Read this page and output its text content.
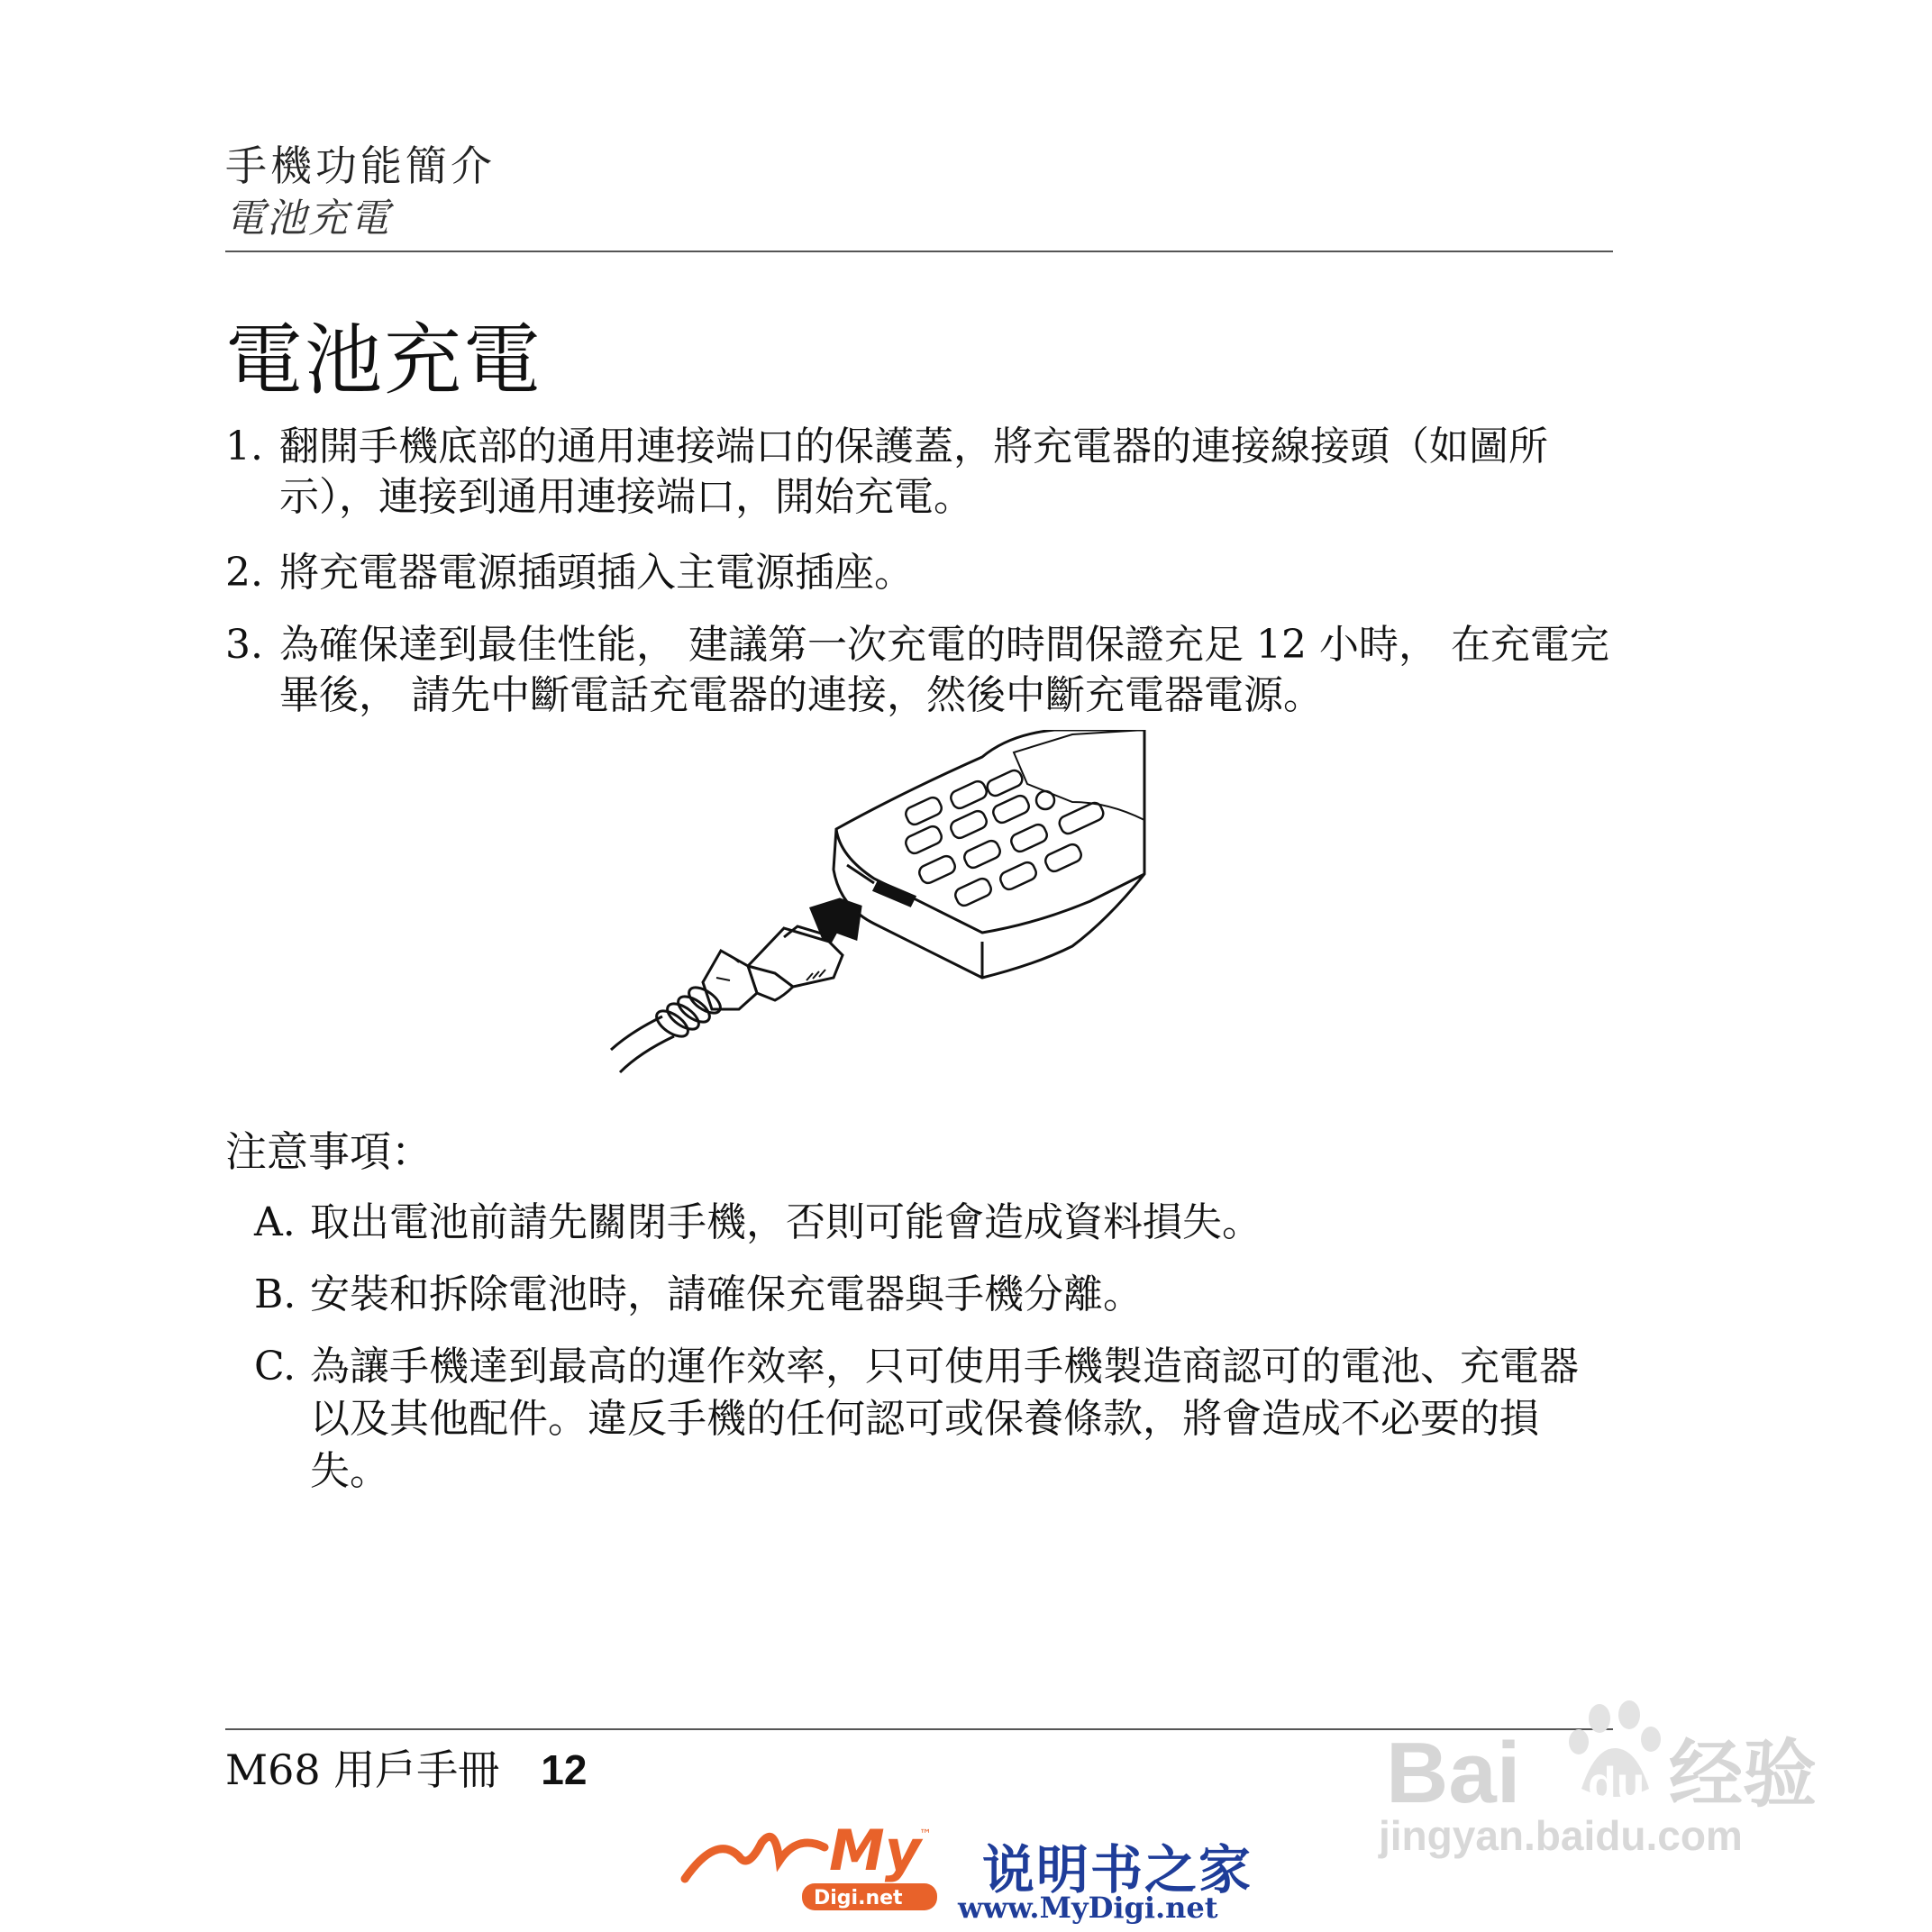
手機功能簡介
電池充電
電池充電
1. 翻開手機底部的通用連接端口的保護蓋，將充電器的連接線接頭（如圖所示），連接到通用連接端口，開始充電。
2. 將充電器電源插頭插入主電源插座。
3. 為確保達到最佳性能， 建議第一次充電的時間保證充足 12 小時， 在充電完畢後， 請先中斷電話充電器的連接，然後中斷充電器電源。
注意事項：
A. 取出電池前請先關閉手機，否則可能會造成資料損失。
B. 安裝和拆除電池時，請確保充電器與手機分離。
C. 為讓手機達到最高的運作效率，只可使用手機製造商認可的電池、充電器以及其他配件。違反手機的任何認可或保養條款，將會造成不必要的損失。
M68 用戶手冊 12
My
™
Digi.net 说明书之家
www.MyDigi.net
Bai du 经验
jingyan.baidu.com
